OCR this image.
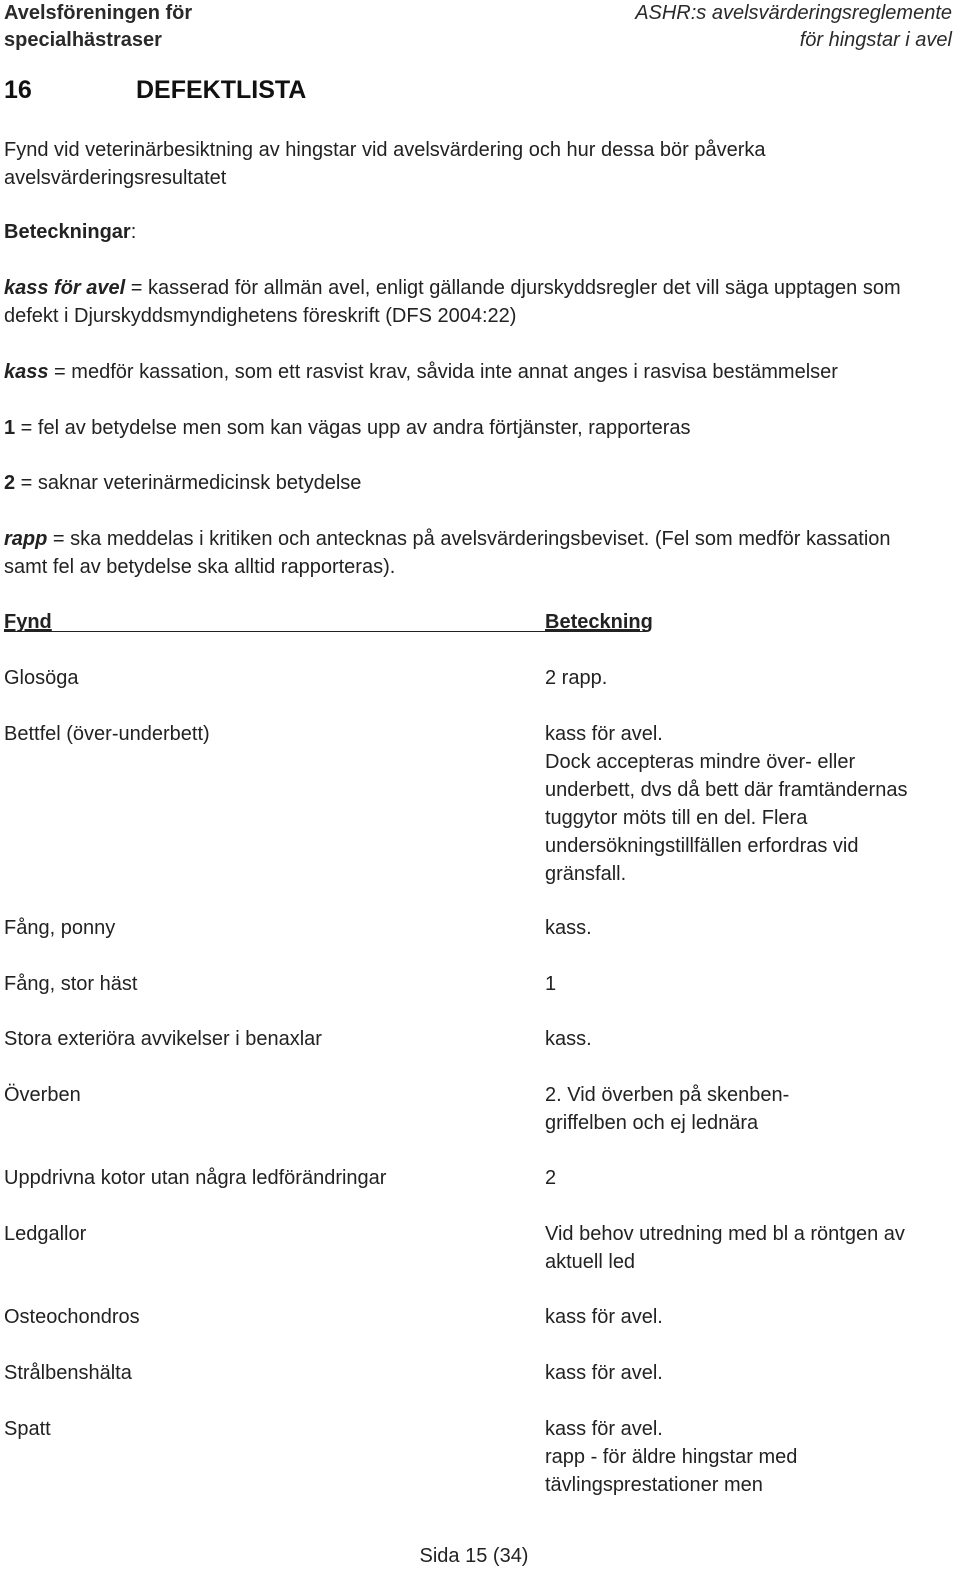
Avelsföreningen för
specialhästraser
ASHR:s avelsvärderingsreglemente
för hingstar i avel
16	DEFEKTLISTA
Fynd vid veterinärbesiktning av hingstar vid avelsvärdering och hur dessa bör påverka avelsvärderingsresultatet
Beteckningar:
kass för avel = kasserad för allmän avel, enligt gällande djurskyddsregler det vill säga upptagen som defekt i Djurskyddsmyndighetens föreskrift (DFS 2004:22)
kass = medför kassation, som ett rasvist krav, såvida inte annat anges i rasvisa bestämmelser
1 = fel av betydelse men som kan vägas upp av andra förtjänster, rapporteras
2 = saknar veterinärmedicinsk betydelse
rapp = ska meddelas i kritiken och antecknas på avelsvärderingsbeviset. (Fel som medför kassation samt fel av betydelse ska alltid rapporteras).
Fynd	Beteckning
Glosöga	2 rapp.
Bettfel (över-underbett)	kass för avel.
Dock accepteras mindre över- eller underbett, dvs då bett där framtändernas tuggytor möts till en del. Flera undersökningstillfällen erfordras vid gränsfall.
Fång, ponny	kass.
Fång, stor häst	1
Stora exteriöra avvikelser i benaxlar	kass.
Överben	2. Vid överben på skenben-
griffelben och ej lednära
Uppdrivna kotor utan några ledförändringar	2
Ledgallor	Vid behov utredning med bl a röntgen av aktuell led
Osteochondros	kass för avel.
Strålbenshälta	kass för avel.
Spatt	kass för avel.
rapp - för äldre hingstar med tävlingsprestationer men
Sida 15 (34)
